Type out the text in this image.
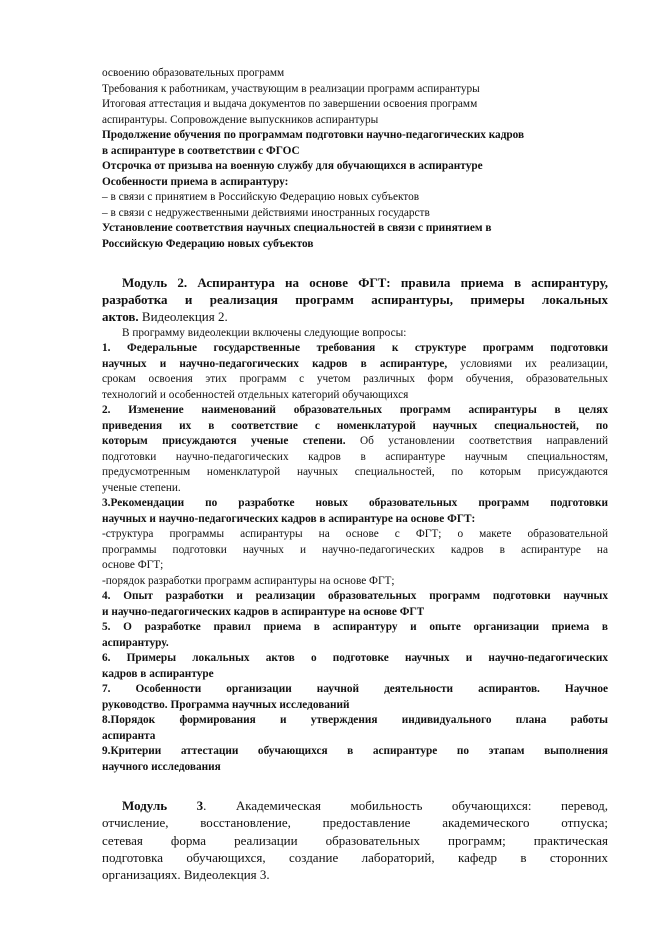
освоению образовательных программ
Требования к работникам, участвующим в реализации программ аспирантуры
Итоговая аттестация и выдача документов по завершении освоения программ
аспирантуры. Сопровождение выпускников аспирантуры
Продолжение обучения по программам подготовки научно-педагогических кадров
в аспирантуре в соответствии с ФГОС
Отсрочка от призыва на военную службу для обучающихся в аспирантуре
Особенности приема в аспирантуру:
– в связи с принятием в Российскую Федерацию новых субъектов
– в связи с недружественными действиями иностранных государств
Установление соответствия научных специальностей в связи с принятием в
Российскую Федерацию новых субъектов
Модуль 2. Аспирантура на основе ФГТ: правила приема в аспирантуру,
разработка и реализация программ аспирантуры, примеры локальных
актов. Видеолекция 2.
В программу видеолекции включены следующие вопросы:
1. Федеральные государственные требования к структуре программ подготовки
научных и научно-педагогических кадров в аспирантуре, условиями их реализации,
срокам освоения этих программ с учетом различных форм обучения, образовательных
технологий и особенностей отдельных категорий обучающихся
2. Изменение наименований образовательных программ аспирантуры в целях
приведения их в соответствие с номенклатурой научных специальностей, по
которым присуждаются ученые степени. Об установлении соответствия направлений
подготовки научно-педагогических кадров в аспирантуре научным специальностям,
предусмотренным номенклатурой научных специальностей, по которым присуждаются
ученые степени.
3.Рекомендации по разработке новых образовательных программ подготовки
научных и научно-педагогических кадров в аспирантуре на основе ФГТ:
-структура программы аспирантуры на основе с ФГТ; о макете образовательной
программы подготовки научных и научно-педагогических кадров в аспирантуре на
основе ФГТ;
-порядок разработки программ аспирантуры на основе ФГТ;
4. Опыт разработки и реализации образовательных программ подготовки научных
и научно-педагогических кадров в аспирантуре на основе ФГТ
5. О разработке правил приема в аспирантуру и опыте организации приема в
аспирантуру.
6. Примеры локальных актов о подготовке научных и научно-педагогических
кадров в аспирантуре
7. Особенности организации научной деятельности аспирантов. Научное
руководство. Программа научных исследований
8.Порядок формирования и утверждения индивидуального плана работы
аспиранта
9.Критерии аттестации обучающихся в аспирантуре по этапам выполнения
научного исследования
Модуль 3. Академическая мобильность обучающихся: перевод,
отчисление, восстановление, предоставление академического отпуска;
сетевая форма реализации образовательных программ; практическая
подготовка обучающихся, создание лабораторий, кафедр в сторонних
организациях. Видеолекция 3.
